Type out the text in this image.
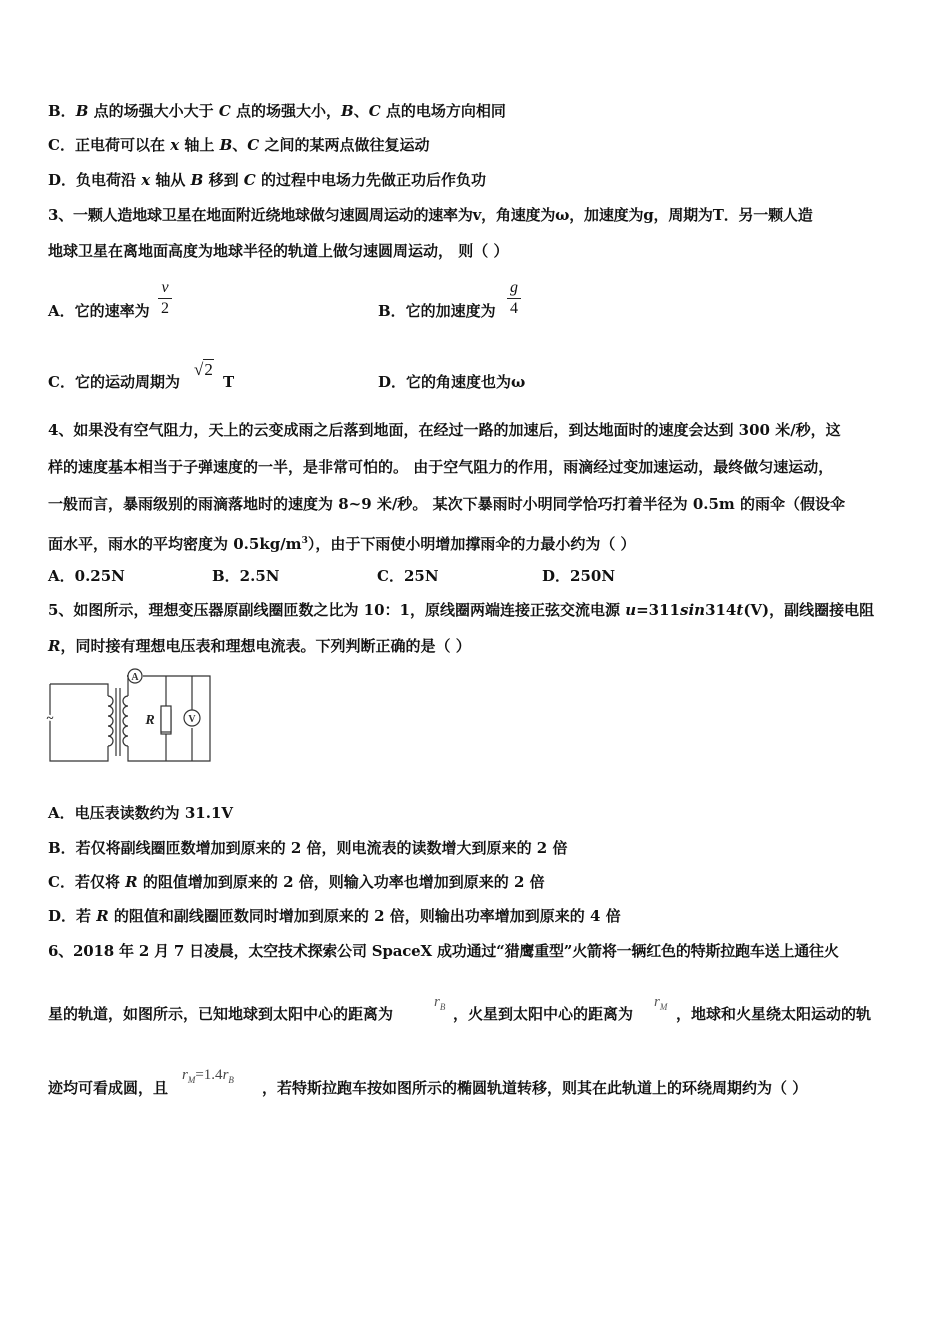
B．B 点的场强大小大于 C 点的场强大小，B、C 点的电场方向相同
C．正电荷可以在 x 轴上 B、C 之间的某两点做往复运动
D．负电荷沿 x 轴从 B 移到 C 的过程中电场力先做正功后作负功
3、一颗人造地球卫星在地面附近绕地球做匀速圆周运动的速率为v，角速度为ω，加速度为g，周期为T．另一颗人造
地球卫星在离地面高度为地球半径的轨道上做匀速圆周运动， 则（ ）
A．它的速率为
v
2	B．它的加速度为
g
4
C．它的运动周期为
√2
T	D．它的角速度也为ω
4、如果没有空气阻力，天上的云变成雨之后落到地面，在经过一路的加速后，到达地面时的速度会达到 300 米/秒，这
样的速度基本相当于子弹速度的一半，是非常可怕的。 由于空气阻力的作用，雨滴经过变加速运动，最终做匀速运动，
一般而言，暴雨级别的雨滴落地时的速度为 8~9 米/秒。 某次下暴雨时小明同学恰巧打着半径为 0.5m 的雨伞（假设伞
面水平，雨水的平均密度为 $0.5kg/m^3$），由于下雨使小明增加撑雨伞的力最小约为（ ）
A．0.25N	B．2.5N	C．25N	D．250N
5、如图所示，理想变压器原副线圈匝数之比为 10：1，原线圈两端连接正弦交流电源 u=311sin314t(V)，副线圈接电阻
R，同时接有理想电压表和理想电流表。下列判断正确的是（ ）
A
~	R	V
A．电压表读数约为 31.1V
B．若仅将副线圈匝数增加到原来的 2 倍，则电流表的读数增大到原来的 2 倍
C．若仅将 R 的阻值增加到原来的 2 倍，则输入功率也增加到原来的 2 倍
D．若 R 的阻值和副线圈匝数同时增加到原来的 2 倍，则输出功率增加到原来的 4 倍
6、2018 年 2 月 7 日凌晨，太空技术探索公司 SpaceX 成功通过“猎鹰重型”火箭将一辆红色的特斯拉跑车送上通往火
星的轨道，如图所示，已知地球到太阳中心的距离为
$r_B$ ，火星到太阳中心的距离为
$r_M$ ，地球和火星绕太阳运动的轨
迹均可看成圆，且
$r_M=1.4r_B$ ，若特斯拉跑车按如图所示的椭圆轨道转移，则其在此轨道上的环绕周期约为（ ）
